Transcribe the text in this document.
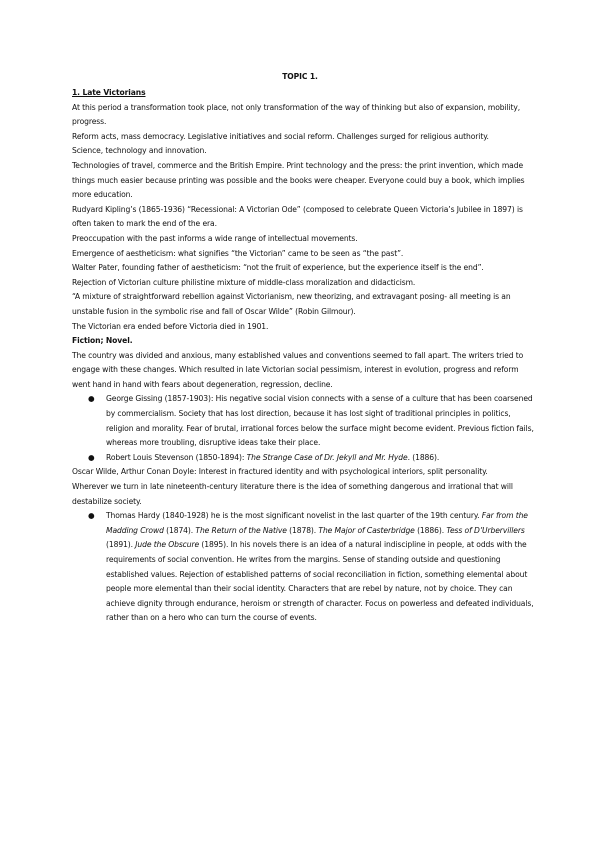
TOPIC 1.

1. Late Victorians

At this period a transformation took place, not only transformation of the way of thinking but also of expansion, mobility, progress.

Reform acts, mass democracy. Legislative initiatives and social reform. Challenges surged for religious authority.

Science, technology and innovation.

Technologies of travel, commerce and the British Empire. Print technology and the press: the print invention, which made things much easier because printing was possible and the books were cheaper. Everyone could buy a book, which implies more education.

Rudyard Kipling’s (1865-1936) “Recessional: A Victorian Ode” (composed to celebrate Queen Victoria’s Jubilee in 1897) is often taken to mark the end of the era.

Preoccupation with the past informs a wide range of intellectual movements.

Emergence of aestheticism: what signifies “the Victorian” came to be seen as “the past”.

Walter Pater, founding father of aestheticism: “not the fruit of experience, but the experience itself is the end”.

Rejection of Victorian culture philistine mixture of middle-class moralization and didacticism.

“A mixture of straightforward rebellion against Victorianism, new theorizing, and extravagant posing- all meeting is an unstable fusion in the symbolic rise and fall of Oscar Wilde” (Robin Gilmour).

The Victorian era ended before Victoria died in 1901.

Fiction; Novel.

The country was divided and anxious, many established values and conventions seemed to fall apart. The writers tried to engage with these changes. Which resulted in late Victorian social pessimism, interest in evolution, progress and reform went hand in hand with fears about degeneration, regression, decline.

● George Gissing (1857-1903): His negative social vision connects with a sense of a culture that has been coarsened by commercialism. Society that has lost direction, because it has lost sight of traditional principles in politics, religion and morality. Fear of brutal, irrational forces below the surface might become evident. Previous fiction fails, whereas more troubling, disruptive ideas take their place.
● Robert Louis Stevenson (1850-1894): The Strange Case of Dr. Jekyll and Mr. Hyde. (1886).

Oscar Wilde, Arthur Conan Doyle: Interest in fractured identity and with psychological interiors, split personality.

Wherever we turn in late nineteenth-century literature there is the idea of something dangerous and irrational that will destabilize society.

● Thomas Hardy (1840-1928) he is the most significant novelist in the last quarter of the 19th century. Far from the Madding Crowd (1874). The Return of the Native (1878). The Major of Casterbridge (1886). Tess of D’Urbervillers (1891). Jude the Obscure (1895). In his novels there is an idea of a natural indiscipline in people, at odds with the requirements of social convention. He writes from the margins. Sense of standing outside and questioning established values. Rejection of established patterns of social reconciliation in fiction, something elemental about people more elemental than their social identity. Characters that are rebel by nature, not by choice. They can achieve dignity through endurance, heroism or strength of character. Focus on powerless and defeated individuals, rather than on a hero who can turn the course of events.
